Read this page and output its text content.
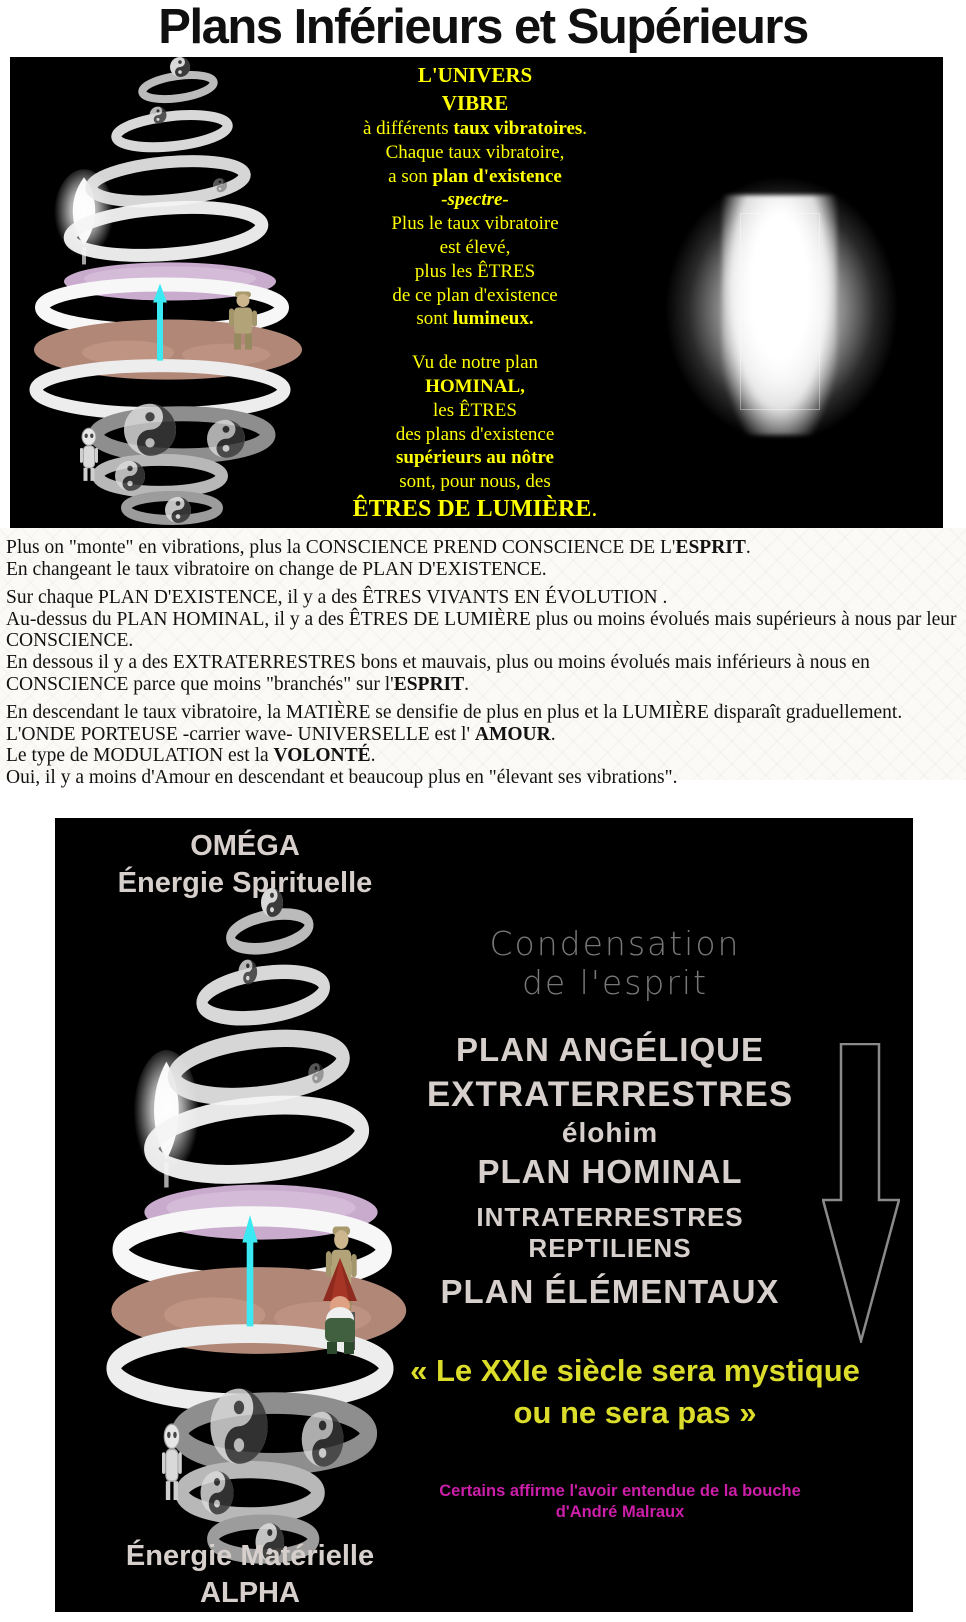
Plans Inférieurs et Supérieurs
L'UNIVERS
VIBRE
à différents taux vibratoires.
Chaque taux vibratoire,
a son plan d'existence
-spectre-
Plus le taux vibratoire
est élevé,
plus les ÊTRES
de ce plan d'existence
sont lumineux.

Vu de notre plan
HOMINAL,
les ÊTRES
des plans d'existence
supérieurs au nôtre
sont, pour nous, des
ÊTRES DE LUMIÈRE.
Plus on "monte" en vibrations, plus la CONSCIENCE PREND CONSCIENCE DE L'ESPRIT.
En changeant le taux vibratoire on change de PLAN D'EXISTENCE.
Sur chaque PLAN D'EXISTENCE, il y a des ÊTRES VIVANTS EN ÉVOLUTION .
Au-dessus du PLAN HOMINAL, il y a des ÊTRES DE LUMIÈRE plus ou moins évolués mais supérieurs à nous par leur CONSCIENCE.
En dessous il y a des EXTRATERRESTRES bons et mauvais, plus ou moins évolués mais inférieurs à nous en CONSCIENCE parce que moins "branchés" sur l'ESPRIT.
En descendant le taux vibratoire, la MATIÈRE se densifie de plus en plus et la LUMIÈRE disparaît graduellement.
L'ONDE PORTEUSE -carrier wave- UNIVERSELLE est l' AMOUR.
Le type de MODULATION est la VOLONTÉ.
Oui, il y a moins d'Amour en descendant et beaucoup plus en "élevant ses vibrations".
OMÉGA
Énergie Spirituelle
Condensation
de l'esprit
PLAN ANGÉLIQUE
EXTRATERRESTRES
élohim
PLAN HOMINAL
INTRATERRESTRES
REPTILIENS
PLAN ÉLÉMENTAUX
« Le XXIe siècle sera mystique
ou ne sera pas »
Certains affirme l'avoir entendue de la bouche
d'André Malraux
Énergie Matérielle
ALPHA
